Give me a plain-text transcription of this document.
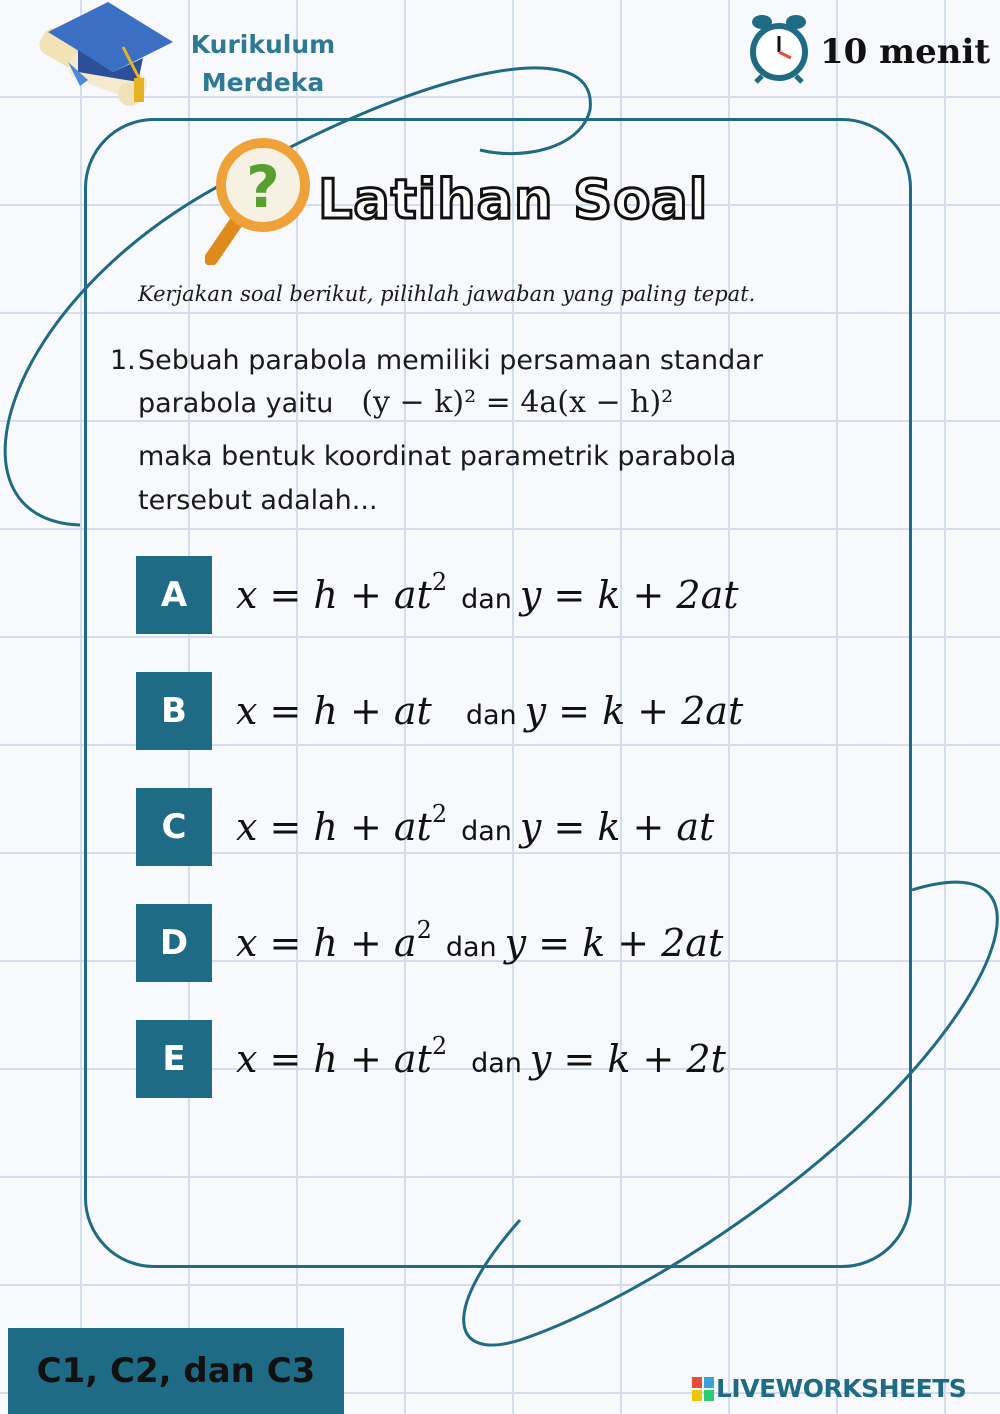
Kurikulum
Merdeka
10 menit
? Latihan Soal
Kerjakan soal berikut, pilihlah jawaban yang paling tepat.
1. Sebuah parabola memiliki persamaan standar
parabola yaitu (y − k)² = 4a(x − h)²
maka bentuk koordinat parametrik parabola
tersebut adalah...
A	$x = h + at^2dan$ y = k + 2at
B	x = h + at dan y = k + 2at
C	$x = h + at^2dan$ y = k + at
D	$x = h + a^2dan$ y = k + 2at
E	$x = h + at^2dan$ y = k + 2t
C1, C2, dan C3	LIVEWORKSHEETS
